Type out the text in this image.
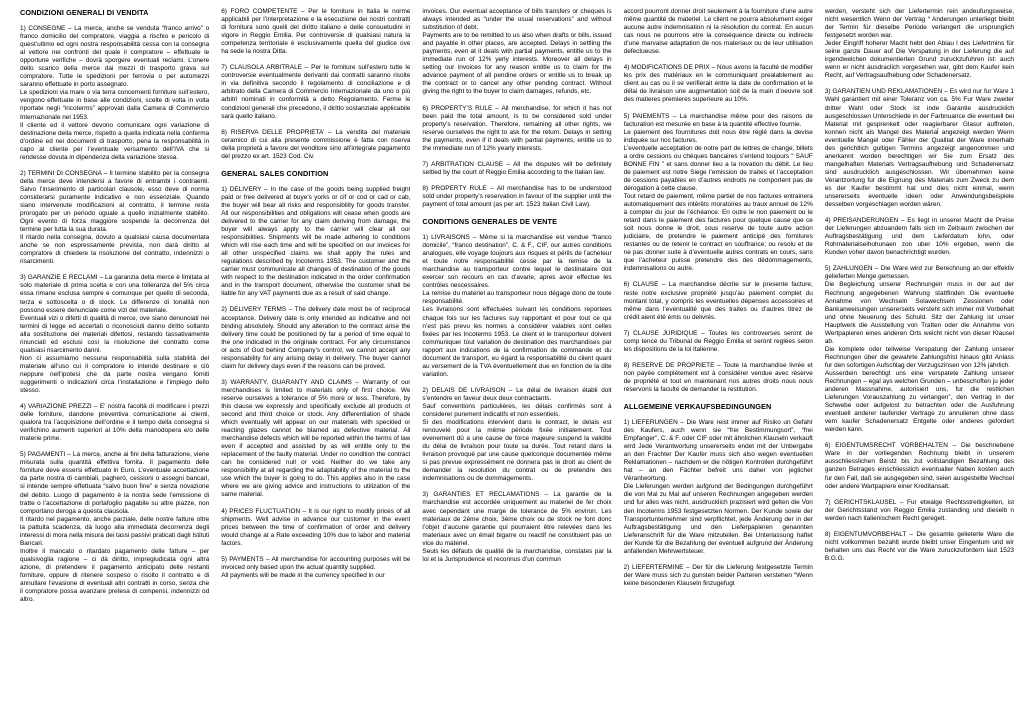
CONDIZIONI GENERALI DI VENDITA
1) CONSEGNE – La merce, anche se venduta “franco arrivo” o franco domicilio del compratore, viaggia a rischio e pericolo di quest’ultimo ed ogni nostra responsabilità cessa con la consegna al vettore nei confronti del quale il compratore – effettuate le opportune verifiche – dovrà sporgere eventuali reclami. L’onere dello scarico della merce dai mezzi di trasporto grava sul compratore. Tutte le spedizioni per ferrovia o per automezzi saranno effettuate in porto assegnato.
Le spedizioni via mare o via terra concernenti forniture sull’estero, vengono effettuate in base alle condizioni, scelte di volta in volta riportate negli “incoterms” approvati dalla Camera di Commercio Internazionale nel 1953.
Il cliente ed il vettore devono comunicare ogni variazione di destinazione della merce, rispetto a quella indicata nella conferma d’ordine ed nei documenti di trasporto, pena la responsabilità in capo al cliente per l’eventuale versamento dell’IVA che si rendesse dovuta in dipendenza della variazione stessa.
2) TERMINI DI CONSEGNA – Il termine stabilito per la consegna della merce deve intendersi a favore di entrambi i contraenti. Salvo l’inserimento di particolari clausole, esso deve di norma considerarsi puramente indicativo e non essenziale. Quando siano intervenute modificazioni al contratto, il termine resta prorogato per un periodo uguale a quello inizialmente stabilito. Ogni evento di forza maggiore sospende la decorrenza del termine per tutta la sua durata.
Il ritardo nella consegna, dovuto a qualsiasi causa documentata anche se non espressamente prevista, non darà diritto al compratore di chiedere la risoluzione del contratto, indennizzi o risarcimenti.
3) GARANZIE E RECLAMI – La garanzia della merce è limitata al solo materiale di prima scelta e con una tolleranza del 5% circa essa rimane esclusa sempre e comunque per quello di seconda, terza e sottoscelta o di stock. Le differenze di tonalità non possono essere denunciate come vizi del materiale.
Eventuali vizi o difetti di qualità di merce, ove siano denunciati nei termini di legge ed accertati o riconosciuti danno diritto soltanto alla sostituzione dei materiali difettosi, restando tassativamente rinunciati ed esclusi così la risoluzione del contratto come qualsiasi risarcimento danni.
Non ci assumiamo nessuna responsabilità sulla stabilità del materiale all’uso cui il compratore lo intende destinare e ciò neppure nell’ipotesi che da parte nostra vengano forniti suggerimenti o indicazioni circa l’installazione e l’impiego dello stesso.
4) VARIAZIONE PREZZI – E’ nostra facoltà di modificare i prezzi delle forniture, dandone preventiva comunicazione ai clienti, qualora tra l’acquisizione dell’ordine e il tempo della consegna si verifichino aumenti superiori al 10% della manodopera e/o delle materie prime.
5) PAGAMENTI – La merce, anche ai fini della fatturazione, viene misurata sulla quantità effettiva fornita. Il pagamento delle forniture deve essersi effettuato in Euro. L’eventuale accettazione da parte nostra di cambiali, pagherò, cessioni o assegni bancari, si intende sempre effettuata “salvo buon fine” e senza novazione del debito. Luogo di pagamento è la nostra sede l’emissione di tratte o l’accettazione di portafoglio pagabile su altre piazze, non comportano deroga a questa clausola.
Il ritardo nel pagamento, anche parziale, delle nostre fatture oltre la pattuita scadenza, dà luogo alla immediata decorrenza degli interessi di mora nella misura dei tassi passivi praticati dagli Istituti Bancari.
Inoltre il mancato o ritardato pagamento delle fatture – per qualsivoglia ragione – ci dà diritto, impregiudicata ogni altra azione, di pretendere il pagamento anticipato delle restanti forniture, oppure di ritenere sospeso o risolto il contratto e di annullare l’evasione di eventuali altri contratti in corso, senza che il compratore possa avanzare pretesa di compensi, indennizzi od altro.
6) FORO COMPETENTE – Per le forniture in Italia le norme applicabili per l’interpretazione e la esecuzione dei nostri contratti di fornitura sono quelli del diritto italiano e delle consuetudini in vigore in Reggio Emilia. Per controversie di qualsiasi natura la competenza territoriale è esclusivamente quella del giudice ove ha sede la nostra Ditta.
7) CLAUSOLA ARBITRALE – Per le forniture sull’estero tutte le controversie eventualmente derivanti dai contratti saranno risolte in via definitiva secondo il regolamento di conciliazione e di arbitrato della Camera di Commercio Internazionale da uno o più arbitri nominati in conformità a detto Regolamento. Ferme le condizioni generali che precedono, il diritto sostanziale applicabile sarà quello italiano.
8) RISERVA DELLE PROPRIETA’ – La vendita del materiale ceramico di cui alla presente commissione è fatta con riserva della proprietà a favore del venditore sino all’integrale pagamento del prezzo ex art. 1523 Cod. Civ.
GENERAL SALES CONDITION
1) DELIVERY – In the case of the goods being supplied freight paid or free delivered at buye’s yorks or cif or cod or cad or cab, the buyer will bear all risks and responsibility for goods transfer. All our responsibilities and obligations will cease when goods are delivered to the carrier for any claim deriving from damage, the buyer will always apply to the carrier will clear all our responsibilities. Shipments will be made adhering to conditions which will rise each time and will be specified on our invoices for all other unspecified claims we shall apply the rules and regulations described by Incoterms 1953. The customer and the carrier must communicate all changes of destination of the goods with respect to the destination indicated in the order confirmation and in the transport document, otherwise the customer shall be liable for any VAT payments due as a result of said change.
2) DELIVERY TERMS – The delivery date most be of reciprocal acceptance. Delivery date is only intended as indicative and not binding absolutely. Should any alteration to the contract arise the delivery time could be positioned by far a period of time equal to the one indicated in the originale contract. For any circumstance or acts of God behind Company’s control, we cannot accept any responsability for any arising delay in delivery. The buyer cannot claim for delivery days even if the reasons can be proved.
3) WARRANTY, GUARANTY AND CLAIMS – Warranty of our merchandises is limited to materials only of first choice. We reserve ourselves a tolerance of 5% more or less. Therefore, by this clause we expressly and specifically exclude all products of second and third choice or stock. Any differentiation of shade which eventually will appear on our materials with speckled or reacting glazes cannot be blamed as defective material. All merchandise defects which will be reported within the terms of law even if accepted and assisted by as will entitle only to the replacement of the faulty material. Under no condition the contract can be considered null or void. Neither do we take any responsibility at all regarding the adaptability of the material to the use which the buyer is going to do. This applies also in the case where we are giving advice and instructions to utilization of the same material.
4) PRICES FLUCTUATION – It is our right to modify prices of all shipments. Well advise in advance our customer in the event prices between the time of confirmation of order and delivery would change at a Rate exceeding 10% due to labor and material factors.
5) PAYMENTS – All merchandise for accounting purposes will be invoiced only based upon the actual quantity supplied.
All payments will be made in the currency specified in our
invoices. Our eventual acceptance of bills transfers or cheques is always intended as “under the usual reservations” and without substitution of debt.
Payments are to be remitted to us also when drafts or bills, issued and payable in other places, are accepted. Delays in settling the payments, even at it deals with partial payments, entitle us to the immediate run of 12% yerly interests. Moreover all delays in setting our invoices for any reason entitle us to claim for the advance payment of all pendine orders or entitle us to break up the contract or to cancel any other pending contract. Without giving the right to the buyer to claim damages, refunds, etc.
6) PROPERTY’S RULE – All merchandise, for which it has not been paid the total amount, is to be considered sold under property’s reservation. Therefore, remaining all other rights, we reserve ourselves the right to ask for the return. Delays in setting the payments, even if it deals with partial payments, entitle us to the immediate run of 12% yearly interests.
7) ARBITRATION CLAUSE – All the disputes will be definitely settled by the court of Reggio Emilia according to the Italian law.
8) PROPERTY RULE -- All merchandise has to be understood sold under property’s reservation in favour of the supplier until the payment of total amount (as per art. 1523 Italian Civil Law).
CONDITIONS GENERALES DE VENTE
1) LIVRAISONS – Même si la marchandise est vendue “franco domicile”, “franco destination”, C. & F., CIF, our autres conditions analogues, elle voyage toujours aux risques et périls de l’acheteur et toute notre responsabilité cesse par la remise de la marchandise au transporteur contre lequel le destinataire doit exercer son recours en cas d’avarie, apres avoir effectue les contrôles nescessaires.
La remise du materiel au transporteur nous dégage donc de toute responsabilité.
Les livraisons sont effectuées suivant les conditions reportees chaque fois sur les factures suy rapportant et pour tout ce qui n’est pas prevu les normes a considérer valables sont celles fixées par les Incoterms 1953. Le client et le transporteur doivent communiquer tout variation de destination des marchandises par rapport aux indications de la confirmation de commande et du document de transport, eu égard la responsabilité du client quant au versement de la TVA éventuellement due en fonction de la dite variation.
2) DELAIS DE LIVRAISON – Le délai de livraison établi doit s’entendre en faveur deux deux contractants.
Sauf conventions particulières, les délais confirmés sont à considerer purement indicatifs et non essentiels.
Si des modifications intervient dans le contract, le delais est renouvelé pour la même période fixée initialement. Tout evenement dû a une cause de force majeure suspend la validité du délai de livraison pour toute sa durée. Tout retard dans la livraison provoqué par une cause quelconque documentée même si pas prevue expressément ne donnera pas le droit au client de demander la resolution du contrat ou de pretendre des indemnisations ou de dommagements.
3) GARANTIES ET RECLAMATIONS – La garantie de la marchandise est accordée uniquement au materiel de fer choix avec cependant une marge de tolerance de 5% environ. Les materiaux de 2ème choix, 3ème choix ou de stock ne font donc l’objet d’aucune garantie qui pourraient être relevées dans les materiaux avec un émail bigarre ou reactif ne constituent pas un vice du materiel.
Seuls les défauts de qualité de la marchandise, constates par la loi et la Jurisprudence et reconnus d’un commun
accord pourront donner droit seulement à la fourniture d’une autre même quantité de materiel. Le client ne pourra absolument exiger aucune autre indemnisation ni la résolution du contrat. En aucun cas nous ne pourrons etre la conséquence directe ou indirecte d’une marvaise adaptation de nos materiaux ou de leur utilisation defectueuse.
4) MODIFICATIONS DE PRIX – Nous avons la faculté de modifier les prix des matériaux en le communiquant prealablement au client au cas ou il se verifierait entre la date de confirmation et le délai de livraison une augmentation soit de la main d’oeuvre soit des matieres premieres superieure au 10%.
5) PAIEMENTS – La marchandise même pour des raisons de facturation est mesurée en base à la quantité effective fournie.
Le paiement des fournitures doit nous être réglé dans la devise indiquée sur nos factures.
L’eventuelle acceptation de notre part de lettres de change, billets a ordre cessions ou chèques bancaires s’entend toujours “ SAUF BONNE FIN ” et sans donner lieu a la novation du débit. Le lieu de paiement est notre Siege l’emission de traites et l’acceptation de cessions payables en d’autres endroits ne comportent pas de dérogation à cette clause.
Tout retard de paiement, même partiel de nos factures entrainera automatiquement des intérêts moratoires au traux annuel de 12% à compter du jour de l’échéance. En outre le non paiement ou le retard dans le paiement des factures pour quelque cause que ce soit nous donne le droit, sous reserve de toute autre action judiciaire, de pretendre le paiement anticipé des fornitures restantes ou de retenir le contract en souffrance; ou resolu et de ne pas donner suite à d’eventuelle autres contrats en cours, sans que l’acheteur puisse pretendre des des dédommagements, indemnisations ou autre.
6) CLAUSE – La marchandise décrite sur le presente facture, reste notre exclusive propriété jusqu’au paiement complet du montant total, y compris les eventuelles dépenses accessoires et même dans l’eventualité que des traites ou d’autres titrez de crédit aient été émis ou delivrés.
7) CLAUSE JURIDIQUE – Toutes les controverses seront de comp tence du Tribunal de Reggio Emilia et seront reglées selon les dispositions de la loi Italienne.
8) RESERVE DE PROPRIETE – Toute la marchandise livrée et non payée complètement est à considérer vendue avec réserve de propriété et tout en maintenant nos autres droits nous nous réservons la faculté de demander la restitution.
ALLGEMEINE VERKAUFSBEDINGUNGEN
1) LIEFERUNGEN – Die Ware reist immer auf Risiko un Gefahr des Kaufers, auch wenn sie “frei Bestimmungsort”, “frei Empfanger”, C. & F. oder CIF oder mit ähnlichen Klauseln verkauft wird Jede Verantwortung unsererseits endet mit der Unbergabe an den Frachter Der Kaufer muss sich also wegen eventuellen Reklamationen – nachdem er die nötigen Kontrollen durchgeführt hat – an den Fächter befreit uns daher von jeglicher Vérantwortung.
Die Lieferungen werden aufgrund der Bedingungen durchgeführt die von Mal zu Mal auf unseren Rechnungen angegeben werden und fur alles was nicht, ausdrucklich prazisiert wird gelten die Von den Incoterms 1953 festgesetzten Normen. Der Kunde sowie der Transportunternehmer sind verpflichtet, jede Änderung der in der Auftragsbestätigung und den Lieferpapieren genannten Lieferanschrift für die Ware mitzuteilen. Bei Unterlassung haftet der Kunde für die Bezahlung der eventuell aufgrund der Änderung anfallenden Mehrwertsteuer.
2) LIEFERTERMINE – Der für die Lieferung festgesetzte Termin der Ware muss sich zu gunsten belder Parteren verstehen “Wenn keine besonderen Klauseln finzugefugt
werden, versteht sich der Liefertermin rein andeufungsweise, nicht wesentlich Wenn der Vertrag “ Anderungen unterliegt bleibt der Termin für dieselbe Periode verlangert die ursprunglich festgesetzt worden war.
Jeder Eingriff hoherer Macht hebt den Abiau l des Liefertmins für seine ganze Dauer auf Die Verspatung in der Lieferung die auf irgendwelchen dokumentierten Grund zuruckzufuhren ist: auch wenn er nicht ausdraclich vorgesehen war, gibt dem Kaufer kein Recht, auf Vertragsaufhebung oder Schadenersatz.
3) GARANTIEN UND REKLAMATIONEN – Es wird nur fur Ware 1 Wahl garantiert mit einer Toleranz von ca. 5% Fur Ware zweiter dritter Wahl oder Stock ist inde Garantie ausdrucklich ausgeschlossen Unterschiede in der Farbnuance die eventuell bei Material mit gesprenkelt oder reagierbarer Glasur auffreten, konnen nicht als Mangel des Materiaĺ angezeigt werden Wenn eventuelle Mangel oder Fähler der Qualitat der Ware innerhalb des gerichtlich gultigen Termins angezeigt angenommen und anerkannt worden berechtigen wir Sie zum Ersatz des mangelhaften Materials Vertragsaufhebung und Schadenersatz sind ausdrucklich ausgeschlossen. Wir übernehmen keine Verantzortung fur die Eignung des Materials zum Zweck zu dem es der Kaufer bestimmt hat und dies nicht einmal, wenn unsererseits eventuelle ideen oder Anwendungsbeispiele desselben vorgeschlagen worden wären.
4) PREISANDERUNGEN – Es liegt in unserer Macht die Preise der Lieferungen abzuandem falls sich im Zeitraum zwischen der Auftragsbestätigung und dem Lieferdatum lohn, oder Rohmaterialseihohunaen zon uber 10% ergeben, wenn die Kunden voher davon benachrichtigt wurden.
5) ZAHLUNGEN – Die Ware wird zur Berechnung an der effektiv gelieferten Menge gemessen.
Die Begleichung unserer Rechnungen muss in der aut der Rechnung angegebenen Wahrung stattfinden Die eventuelle Annahme von Wechseln Solawechseln Zessionen oder Bankanweisungen unsererseits versteht sich immer mit Vorbehalt und ohne Neuerung des Schuld. Sitz der Zahlung ist unser Hauptwerk die Ausstellung von Tratten oder die Annahme von Wertpapieren eines anderen Orts weicht nicht von dieser Klausel ab.
Die komplete oder teilweise Verspatung der Zahlung unserer Rechnungen über die gewahrte Zahlungsfrist hinaus gibt Anlass fur den sofortigen Aufschlag der Verzugszinsen von 12% jahrlich.
Ausserdein berechtigt uns eine verspatete Zahlung unserer Rechnungen – egal ays welchen Grunden – unbeschoften ju jeder anderen Massnahme, autorisiert uns, fur die restlichen Lieferungen Vorauszahlung zu verlangen”, den Vertrag in der Schwebe oder aufgelost zu betrachten oder die Ausfuhrung eventuell anderer laufender Vertrage zu annulieren ohne dass vem kaufer Schadenersatz Entgelte oder anderes gefordert werden kann.
6) EIGENTUMSRECHT VORBEHALTEN – Die beschriebene Ware in der vorliegenden Rechnung bleibt in unserem ausschliesslichen Beistz bis zut vollstandigen Bezahlung des ganzen Betrages einschliesslich eventualler Naben kosten auch fur den Fall, daß sie ausgegeben sind, seien ausgestellte Wechsel oder andere Wartpapiere einer Kreditansalt.
7) GERICHTSKLAUSEL – Fur etwalge Rechtsstreitigkeiten, ist der Gerichtsstand von Reggio Emilia zustanding und dieselb n werden nach italienischem Recht geregelt.
8) EIGENTUMVORBEHALT – Die gesamte gelieterte Ware die nicht vollkommen bezahlt wurde bleibt unser Eingentum und wir behalten uns das Recht vor die Ware zuruckzufordern laut 1523 B.G.G.
